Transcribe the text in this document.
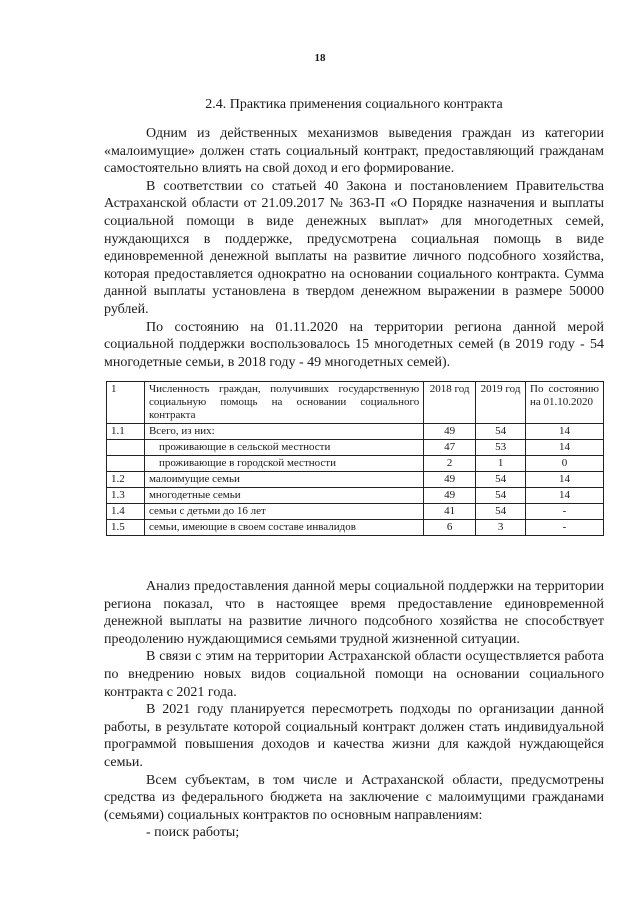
18
2.4. Практика применения социального контракта

Одним из действенных механизмов выведения граждан из категории «малоимущие» должен стать социальный контракт, предоставляющий гражданам самостоятельно влиять на свой доход и его формирование.

В соответствии со статьей 40 Закона и постановлением Правительства Астраханской области от 21.09.2017 № 363-П «О Порядке назначения и выплаты социальной помощи в виде денежных выплат» для многодетных семей, нуждающихся в поддержке, предусмотрена социальная помощь в виде единовременной денежной выплаты на развитие личного подсобного хозяйства, которая предоставляется однократно на основании социального контракта. Сумма данной выплаты установлена в твердом денежном выражении в размере 50000 рублей.

По состоянию на 01.11.2020 на территории региона данной мерой социальной поддержки воспользовалось 15 многодетных семей (в 2019 году - 54 многодетные семьи, в 2018 году - 49 многодетных семей).

1	Численность граждан, получивших государственную социальную помощь на основании социального контракта	2018 год	2019 год	По состоянию на 01.10.2020
1.1	Всего, из них:	49	54	14
	проживающие в сельской местности	47	53	14
	проживающие в городской местности	2	1	0
1.2	малоимущие семьи	49	54	14
1.3	многодетные семьи	49	54	14
1.4	семьи с детьми до 16 лет	41	54	-
1.5	семьи, имеющие в своем составе инвалидов	6	3	-

Анализ предоставления данной меры социальной поддержки на территории региона показал, что в настоящее время предоставление единовременной денежной выплаты на развитие личного подсобного хозяйства не способствует преодолению нуждающимися семьями трудной жизненной ситуации.

В связи с этим на территории Астраханской области осуществляется работа по внедрению новых видов социальной помощи на основании социального контракта с 2021 года.

В 2021 году планируется пересмотреть подходы по организации данной работы, в результате которой социальный контракт должен стать индивидуальной программой повышения доходов и качества жизни для каждой нуждающейся семьи.

Всем субъектам, в том числе и Астраханской области, предусмотрены средства из федерального бюджета на заключение с малоимущими гражданами (семьями) социальных контрактов по основным направлениям:

- поиск работы;
